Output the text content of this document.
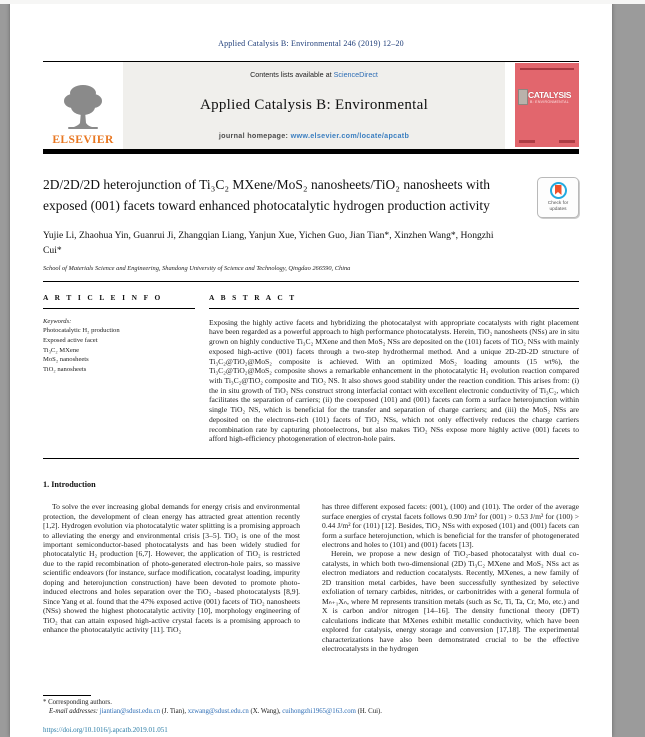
Applied Catalysis B: Environmental 246 (2019) 12–20
ELSEVIER
Contents lists available at ScienceDirect
Applied Catalysis B: Environmental
journal homepage: www.elsevier.com/locate/apcatb
CATALYSIS
B: ENVIRONMENTAL
2D/2D/2D heterojunction of Ti₃C₂ MXene/MoS₂ nanosheets/TiO₂ nanosheets with exposed (001) facets toward enhanced photocatalytic hydrogen production activity	Check for updates
Yujie Li, Zhaohua Yin, Guanrui Ji, Zhangqian Liang, Yanjun Xue, Yichen Guo, Jian Tian*, Xinzhen Wang*, Hongzhi Cui*
School of Materials Science and Engineering, Shandong University of Science and Technology, Qingdao 266590, China
A R T I C L E I N F O
Keywords:
Photocatalytic H₂ production
Exposed active facet
Ti₃C₂ MXene
MoS₂ nanosheets
TiO₂ nanosheets
A B S T R A C T

Exposing the highly active facets and hybridizing the photocatalyst with appropriate cocatalysts with right placement have been regarded as a powerful approach to high performance photocatalysts. Herein, TiO₂ nanosheets (NSs) are in situ grown on highly conductive Ti₃C₂ MXene and then MoS₂ NSs are deposited on the (101) facets of TiO₂ NSs with mainly exposed high-active (001) facets through a two-step hydrothermal method. And a unique 2D-2D-2D structure of Ti₃C₂@TiO₂@MoS₂ composite is achieved. With an optimized MoS₂ loading amounts (15 wt%), the Ti₃C₂@TiO₂@MoS₂ composite shows a remarkable enhancement in the photocatalytic H₂ evolution reaction compared with Ti₃C₂@TiO₂ composite and TiO₂ NS. It also shows good stability under the reaction condition. This arises from: (i) the in situ growth of TiO₂ NSs construct strong interfacial contact with excellent electronic conductivity of Ti₃C₂, which facilitates the separation of carriers; (ii) the coexposed (101) and (001) facets can form a surface heterojunction within single TiO₂ NS, which is beneficial for the transfer and separation of charge carriers; and (iii) the MoS₂ NSs are deposited on the electrons-rich (101) facets of TiO₂ NSs, which not only effectively reduces the charge carriers recombination rate by capturing photoelectrons, but also makes TiO₂ NSs expose more highly active (001) facets to afford high-efficiency photogeneration of electron-hole pairs.

1. Introduction

To solve the ever increasing global demands for energy crisis and environmental protection, the development of clean energy has attracted great attention recently [1,2]. Hydrogen evolution via photocatalytic water splitting is a promising approach to alleviating the energy and environmental crisis [3–5]. TiO₂ is one of the most important semiconductor-based photocatalysts and has been widely studied for photocatalytic H₂ production [6,7]. However, the application of TiO₂ is restricted due to the rapid recombination of photo-generated electron-hole pairs, so massive scientific endeavors (for instance, surface modification, cocatalyst loading, impurity doping and heterojunction construction) have been devoted to promote photo-induced electrons and holes separation over the TiO₂ -based photocatalysts [8,9]. Since Yang et al. found that the 47% exposed active (001) facets of TiO₂ nanosheets (NSs) showed the highest photocatalytic activity [10], morphology engineering of TiO₂ that can attain exposed high-active crystal facets is a promising approach to enhance the photocatalytic activity [11]. TiO₂

has three different exposed facets: (001), (100) and (101). The order of the average surface energies of crystal facets follows 0.90 J/m² for (001) > 0.53 J/m² for (100) > 0.44 J/m² for (101) [12]. Besides, TiO₂ NSs with exposed (101) and (001) facets can form a surface heterojunction, which is beneficial for the transfer of photogenerated electrons and holes to (101) and (001) facets [13].

Herein, we propose a new design of TiO₂-based photocatalyst with dual co-catalysts, in which both two-dimensional (2D) Ti₃C₂ MXene and MoS₂ NSs act as electron mediators and reduction cocatalysts. Recently, MXenes, a new family of 2D transition metal carbides, have been successfully synthesized by selective exfoliation of ternary carbides, nitrides, or carbonitrides with a general formula of Mₙ₊₁Xₙ, where M represents transition metals (such as Sc, Ti, Ta, Cr, Mo, etc.) and X is carbon and/or nitrogen [14–16]. The density functional theory (DFT) calculations indicate that MXenes exhibit metallic conductivity, which have been explored for catalysis, energy storage and conversion [17,18]. The experimental characterizations have also been demonstrated crucial to be the effective electrocatalysts in the hydrogen

* Corresponding authors.
E-mail addresses: jiantian@sdust.edu.cn (J. Tian), xzwang@sdust.edu.cn (X. Wang), cuihongzhi1965@163.com (H. Cui).
https://doi.org/10.1016/j.apcatb.2019.01.051
